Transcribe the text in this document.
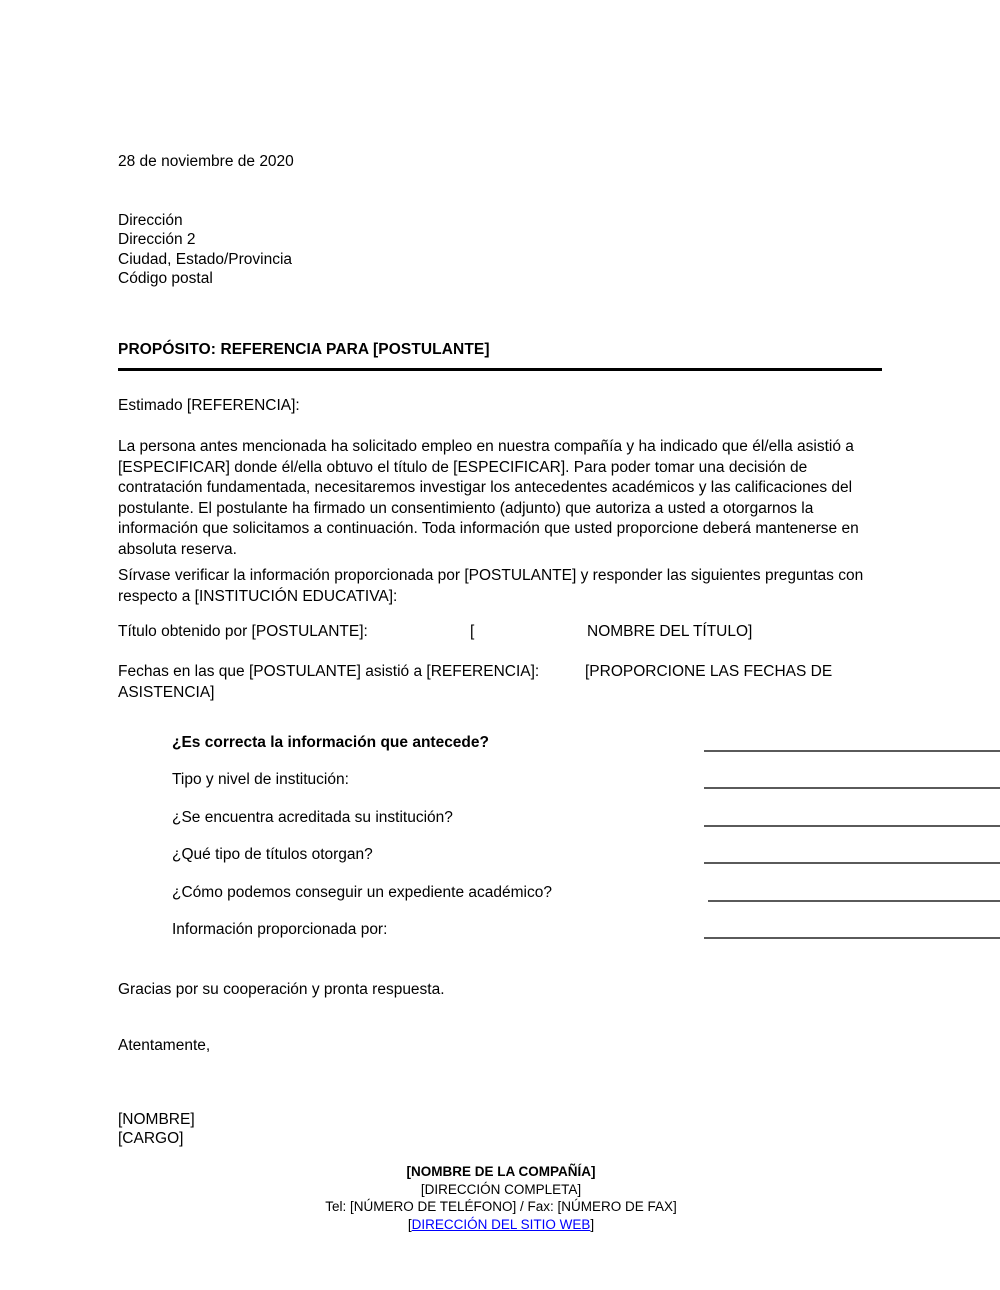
28 de noviembre de 2020
Dirección
Dirección 2
Ciudad, Estado/Provincia
Código postal
PROPÓSITO: REFERENCIA PARA [POSTULANTE]
Estimado [REFERENCIA]:
La persona antes mencionada ha solicitado empleo en nuestra compañía y ha indicado que él/ella asistió a [ESPECIFICAR] donde él/ella obtuvo el título de [ESPECIFICAR]. Para poder tomar una decisión de contratación fundamentada, necesitaremos investigar los antecedentes académicos y las calificaciones del postulante. El postulante ha firmado un consentimiento (adjunto) que autoriza a usted a otorgarnos la información que solicitamos a continuación. Toda información que usted proporcione deberá mantenerse en absoluta reserva.
Sírvase verificar la información proporcionada por [POSTULANTE] y responder las siguientes preguntas con respecto a [INSTITUCIÓN EDUCATIVA]:
Título obtenido por [POSTULANTE]:	[	NOMBRE DEL TÍTULO]
Fechas en las que [POSTULANTE] asistió a [REFERENCIA]:	[PROPORCIONE LAS FECHAS DE ASISTENCIA]
¿Es correcta la información que antecede?
Tipo y nivel de institución:
¿Se encuentra acreditada su institución?
¿Qué tipo de títulos otorgan?
¿Cómo podemos conseguir un expediente académico?
Información proporcionada por:
Gracias por su cooperación y pronta respuesta.
Atentamente,
[NOMBRE]
[CARGO]
[NOMBRE DE LA COMPAÑÍA]
[DIRECCIÓN COMPLETA]
Tel: [NÚMERO DE TELÉFONO] / Fax: [NÚMERO DE FAX]
[DIRECCIÓN DEL SITIO WEB]
